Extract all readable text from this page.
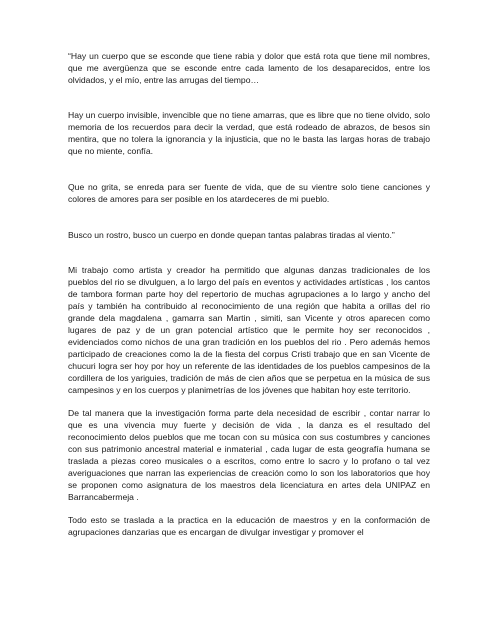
“Hay un cuerpo que se esconde que tiene rabia y dolor que está rota que tiene mil nombres, que me avergüenza que se esconde entre cada lamento de los desaparecidos, entre los olvidados, y el mío, entre las arrugas del tiempo…

Hay un cuerpo invisible, invencible que no tiene amarras, que es libre que no tiene olvido, solo memoria de los recuerdos para decir la verdad, que está rodeado de abrazos, de besos sin mentira, que no tolera la ignorancia y la injusticia, que no le basta las largas horas de trabajo que no miente, confía.

Que no grita, se enreda para ser fuente de vida, que de su vientre solo tiene canciones y colores de amores para ser posible en los atardeceres de mi pueblo.

Busco un rostro, busco un cuerpo en donde quepan tantas palabras tiradas al viento.”

Mi trabajo como artista y creador ha permitido que algunas danzas tradicionales de los pueblos del rio se divulguen, a lo largo del país en eventos y actividades artísticas , los cantos de tambora forman parte hoy del repertorio de muchas agrupaciones a lo largo y ancho del país y también ha contribuido al reconocimiento de una región que habita a orillas del rio grande dela magdalena , gamarra san Martin , simiti, san Vicente y otros aparecen como lugares de paz y de un gran potencial artístico que le permite hoy ser reconocidos , evidenciados como nichos de una gran tradición en los pueblos del rio . Pero además hemos participado de creaciones como la de la fiesta del corpus Cristi trabajo que en san Vicente de chucuri logra ser hoy por hoy un referente de las identidades de los pueblos campesinos de la cordillera de los yariguies, tradición de más de cien años que se perpetua en la música de sus campesinos y en los cuerpos y planimetrías de los jóvenes que habitan hoy este territorio.

De tal manera que la investigación forma parte dela necesidad de escribir , contar narrar lo que es una vivencia muy fuerte y decisión de vida , la danza es el resultado del reconocimiento delos pueblos que me tocan con su música con sus costumbres y canciones con sus patrimonio ancestral material e inmaterial , cada lugar de esta geografía humana se traslada a piezas coreo musicales o a escritos, como entre lo sacro y lo profano o tal vez averiguaciones que narran las experiencias de creación como lo son los laboratorios que hoy se proponen como asignatura de los maestros dela licenciatura en artes dela UNIPAZ en Barrancabermeja .

Todo esto se traslada a la practica en la educación de maestros y en la conformación de agrupaciones danzarias que es encargan de divulgar investigar y promover el
